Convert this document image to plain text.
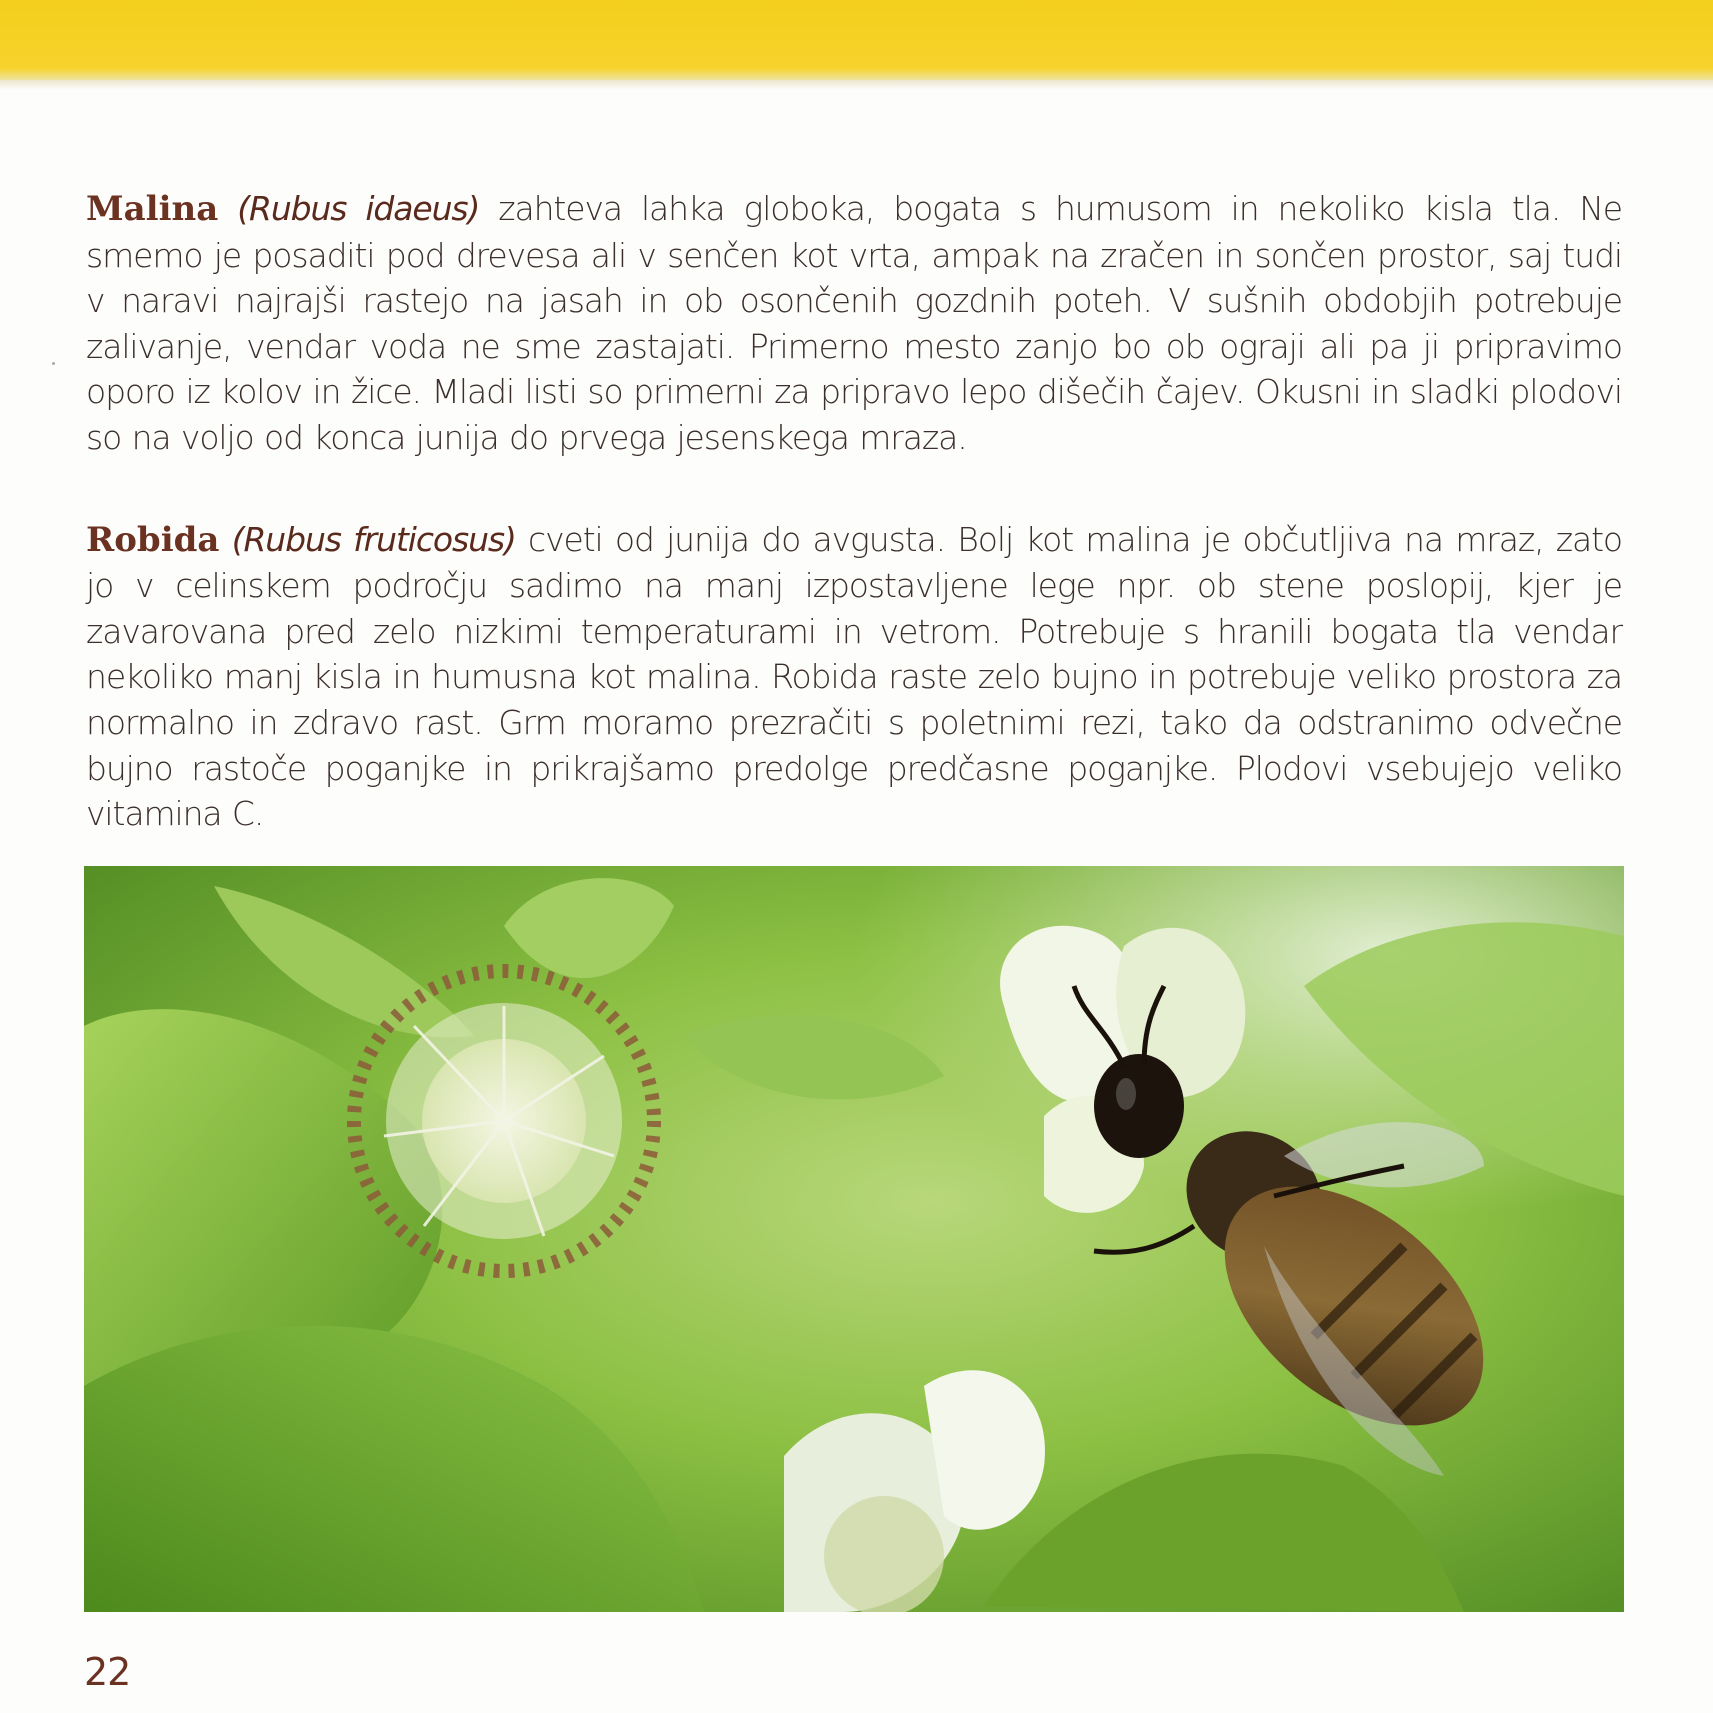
Malina (Rubus idaeus) zahteva lahka globoka, bogata s humusom in nekoliko kisla tla. Ne smemo je posaditi pod drevesa ali v senčen kot vrta, ampak na zračen in sončen prostor, saj tudi v naravi najrajši rastejo na jasah in ob osončenih gozdnih poteh. V sušnih obdobjih potrebuje zalivanje, vendar voda ne sme zastajati. Primerno mesto zanjo bo ob ograji ali pa ji pripravimo oporo iz kolov in žice. Mladi listi so primerni za pripravo lepo dišečih čajev. Okusni in sladki plodovi so na voljo od konca junija do prvega jesenskega mraza.

Robida (Rubus fruticosus) cveti od junija do avgusta. Bolj kot malina je občutljiva na mraz, zato jo v celinskem področju sadimo na manj izpostavljene lege npr. ob stene poslopij, kjer je zavarovana pred zelo nizkimi temperaturami in vetrom. Potrebuje s hranili bogata tla vendar nekoliko manj kisla in humusna kot malina. Robida raste zelo bujno in potrebuje veliko prostora za normalno in zdravo rast. Grm moramo prezračiti s poletnimi rezi, tako da odstranimo odvečne bujno rastoče poganjke in prikrajšamo predolge predčasne poganjke. Plodovi vsebujejo veliko vitamina C.

22
